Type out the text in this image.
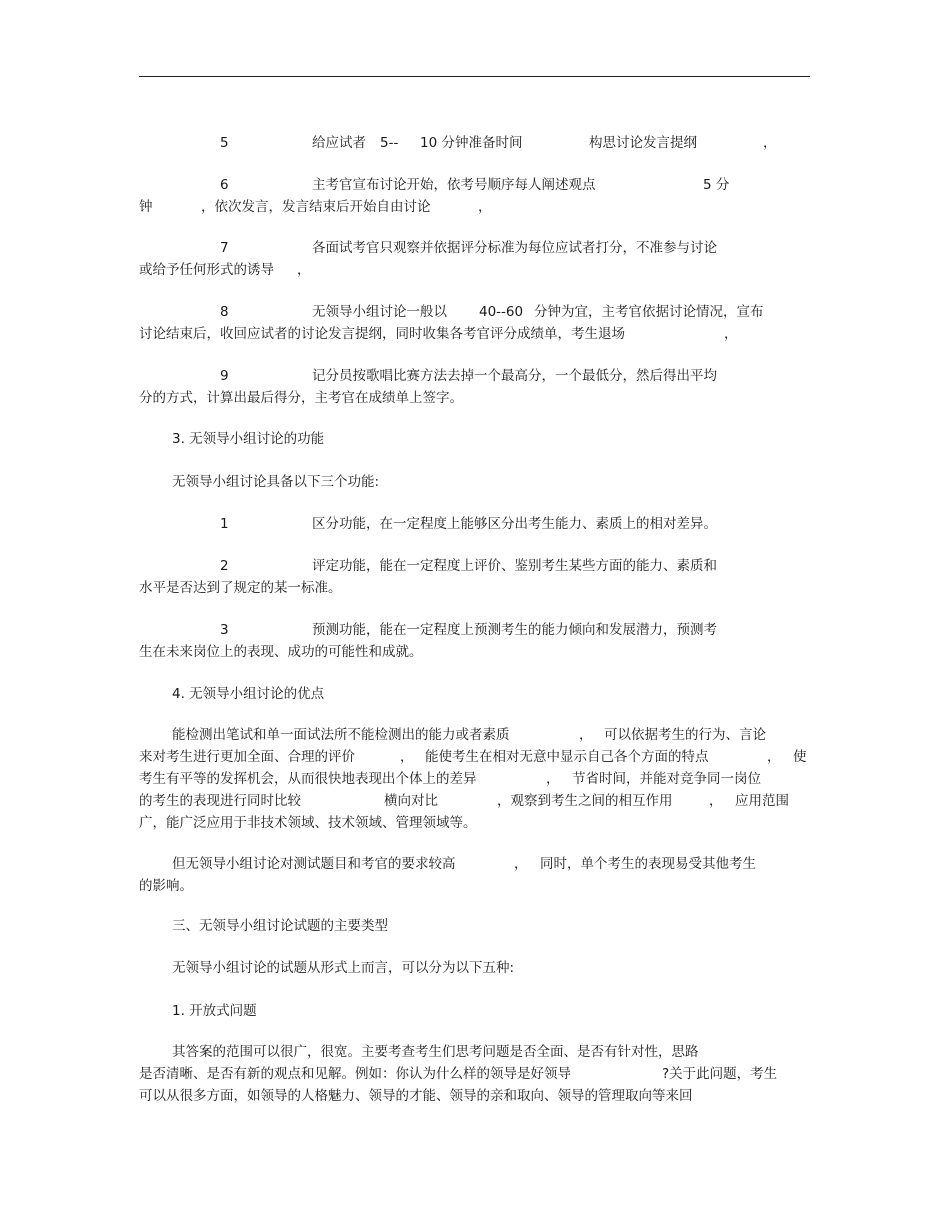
5	给应试者 5-- 10 分钟准备时间	构思讨论发言提纲	，
6	主考官宣布讨论开始，依考号顺序每人阐述观点	5 分
钟	，依次发言，发言结束后开始自由讨论	，
7	各面试考官只观察并依据评分标准为每位应试者打分，不准参与讨论
或给予任何形式的诱导 ，
8	无领导小组讨论一般以 40--60 分钟为宜，主考官依据讨论情况，宣布
讨论结束后，收回应试者的讨论发言提纲，同时收集各考官评分成绩单，考生退场	，
9	记分员按歌唱比赛方法去掉一个最高分，一个最低分，然后得出平均
分的方式，计算出最后得分，主考官在成绩单上签字。
3. 无领导小组讨论的功能
无领导小组讨论具备以下三个功能:
1	区分功能，在一定程度上能够区分出考生能力、素质上的相对差异。
2	评定功能，能在一定程度上评价、鉴别考生某些方面的能力、素质和
水平是否达到了规定的某一标准。
3	预测功能，能在一定程度上预测考生的能力倾向和发展潜力，预测考
生在未来岗位上的表现、成功的可能性和成就。
4. 无领导小组讨论的优点
能检测出笔试和单一面试法所不能检测出的能力或者素质	， 可以依据考生的行为、言论
来对考生进行更加全面、合理的评价	， 能使考生在相对无意中显示自己各个方面的特点	， 使
考生有平等的发挥机会，从而很快地表现出个体上的差异	， 节省时间，并能对竞争同一岗位
的考生的表现进行同时比较	横向对比	，观察到考生之间的相互作用	， 应用范围
广，能广泛应用于非技术领域、技术领域、管理领域等。
但无领导小组讨论对测试题目和考官的要求较高	， 同时，单个考生的表现易受其他考生
的影响。
三、无领导小组讨论试题的主要类型
无领导小组讨论的试题从形式上而言，可以分为以下五种:
1. 开放式问题
其答案的范围可以很广，很宽。主要考查考生们思考问题是否全面、是否有针对性，思路
是否清晰、是否有新的观点和见解。例如：你认为什么样的领导是好领导	?关于此问题，考生
可以从很多方面，如领导的人格魅力、领导的才能、领导的亲和取向、领导的管理取向等来回
